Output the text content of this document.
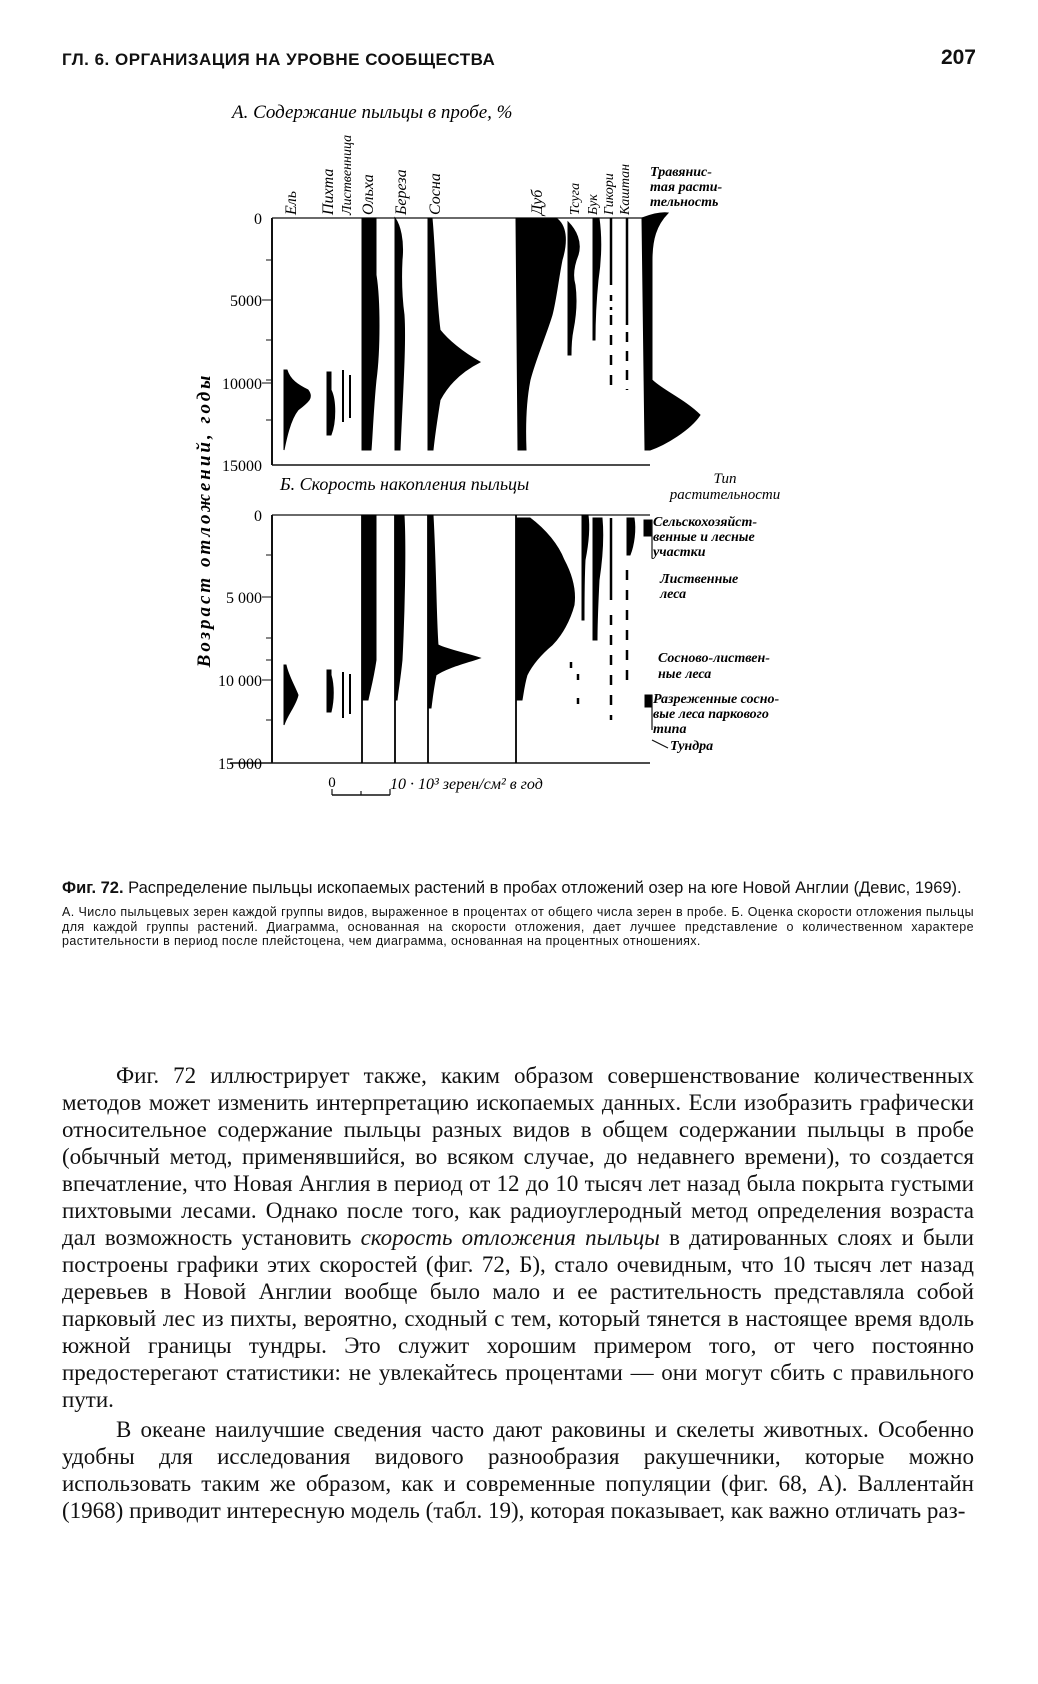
ГЛ. 6. ОРГАНИЗАЦИЯ НА УРОВНЕ СООБЩЕСТВА	207
А. Содержание пыльцы в пробе, %
Возраст отложений, годы
0
5000
10000
15000
Ель Пихта Лиственница Ольха Береза Сосна	Дуб Тсуга Бук Гикори Каштан Травянис-
тая расти-
тельность
Б. Скорость накопления пыльцы	Тип
растительности
0
5 000
10 000
15 000
Сельскохозяйст-
венные и лесные
участки
Лиственные
леса
Сосново-листвен-
ные леса
Разреженные сосно-
вые леса паркового
типа
Тундра
0	10 · 10³ зерен/см² в год

Фиг. 72. Распределение пыльцы ископаемых растений в пробах отложений озер на юге Новой Англии (Девис, 1969).

А. Число пыльцевых зерен каждой группы видов, выраженное в процентах от общего числа зерен в пробе. Б. Оценка скорости отложения пыльцы для каждой группы растений. Диаграмма, основанная на скорости отложения, дает лучшее представление о количественном характере растительности в период после плейстоцена, чем диаграмма, основанная на процентных отношениях.

Фиг. 72 иллюстрирует также, каким образом совершенствование количественных методов может изменить интерпретацию ископаемых данных. Если изобразить графически относительное содержание пыльцы разных видов в общем содержании пыльцы в пробе (обычный метод, применявшийся, во всяком случае, до недавнего времени), то создается впечатление, что Новая Англия в период от 12 до 10 тысяч лет назад была покрыта густыми пихтовыми лесами. Однако после того, как радиоуглеродный метод определения возраста дал возможность установить скорость отложения пыльцы в датированных слоях и были построены графики этих скоростей (фиг. 72, Б), стало очевидным, что 10 тысяч лет назад деревьев в Новой Англии вообще было мало и ее растительность представляла собой парковый лес из пихты, вероятно, сходный с тем, который тянется в настоящее время вдоль южной границы тундры. Это служит хорошим примером того, от чего постоянно предостерегают статистики: не увлекайтесь процентами — они могут сбить с правильного пути.

В океане наилучшие сведения часто дают раковины и скелеты животных. Особенно удобны для исследования видового разнообразия ракушечники, которые можно использовать таким же образом, как и современные популяции (фиг. 68, А). Валлентайн (1968) приводит интересную модель (табл. 19), которая показывает, как важно отличать раз-
